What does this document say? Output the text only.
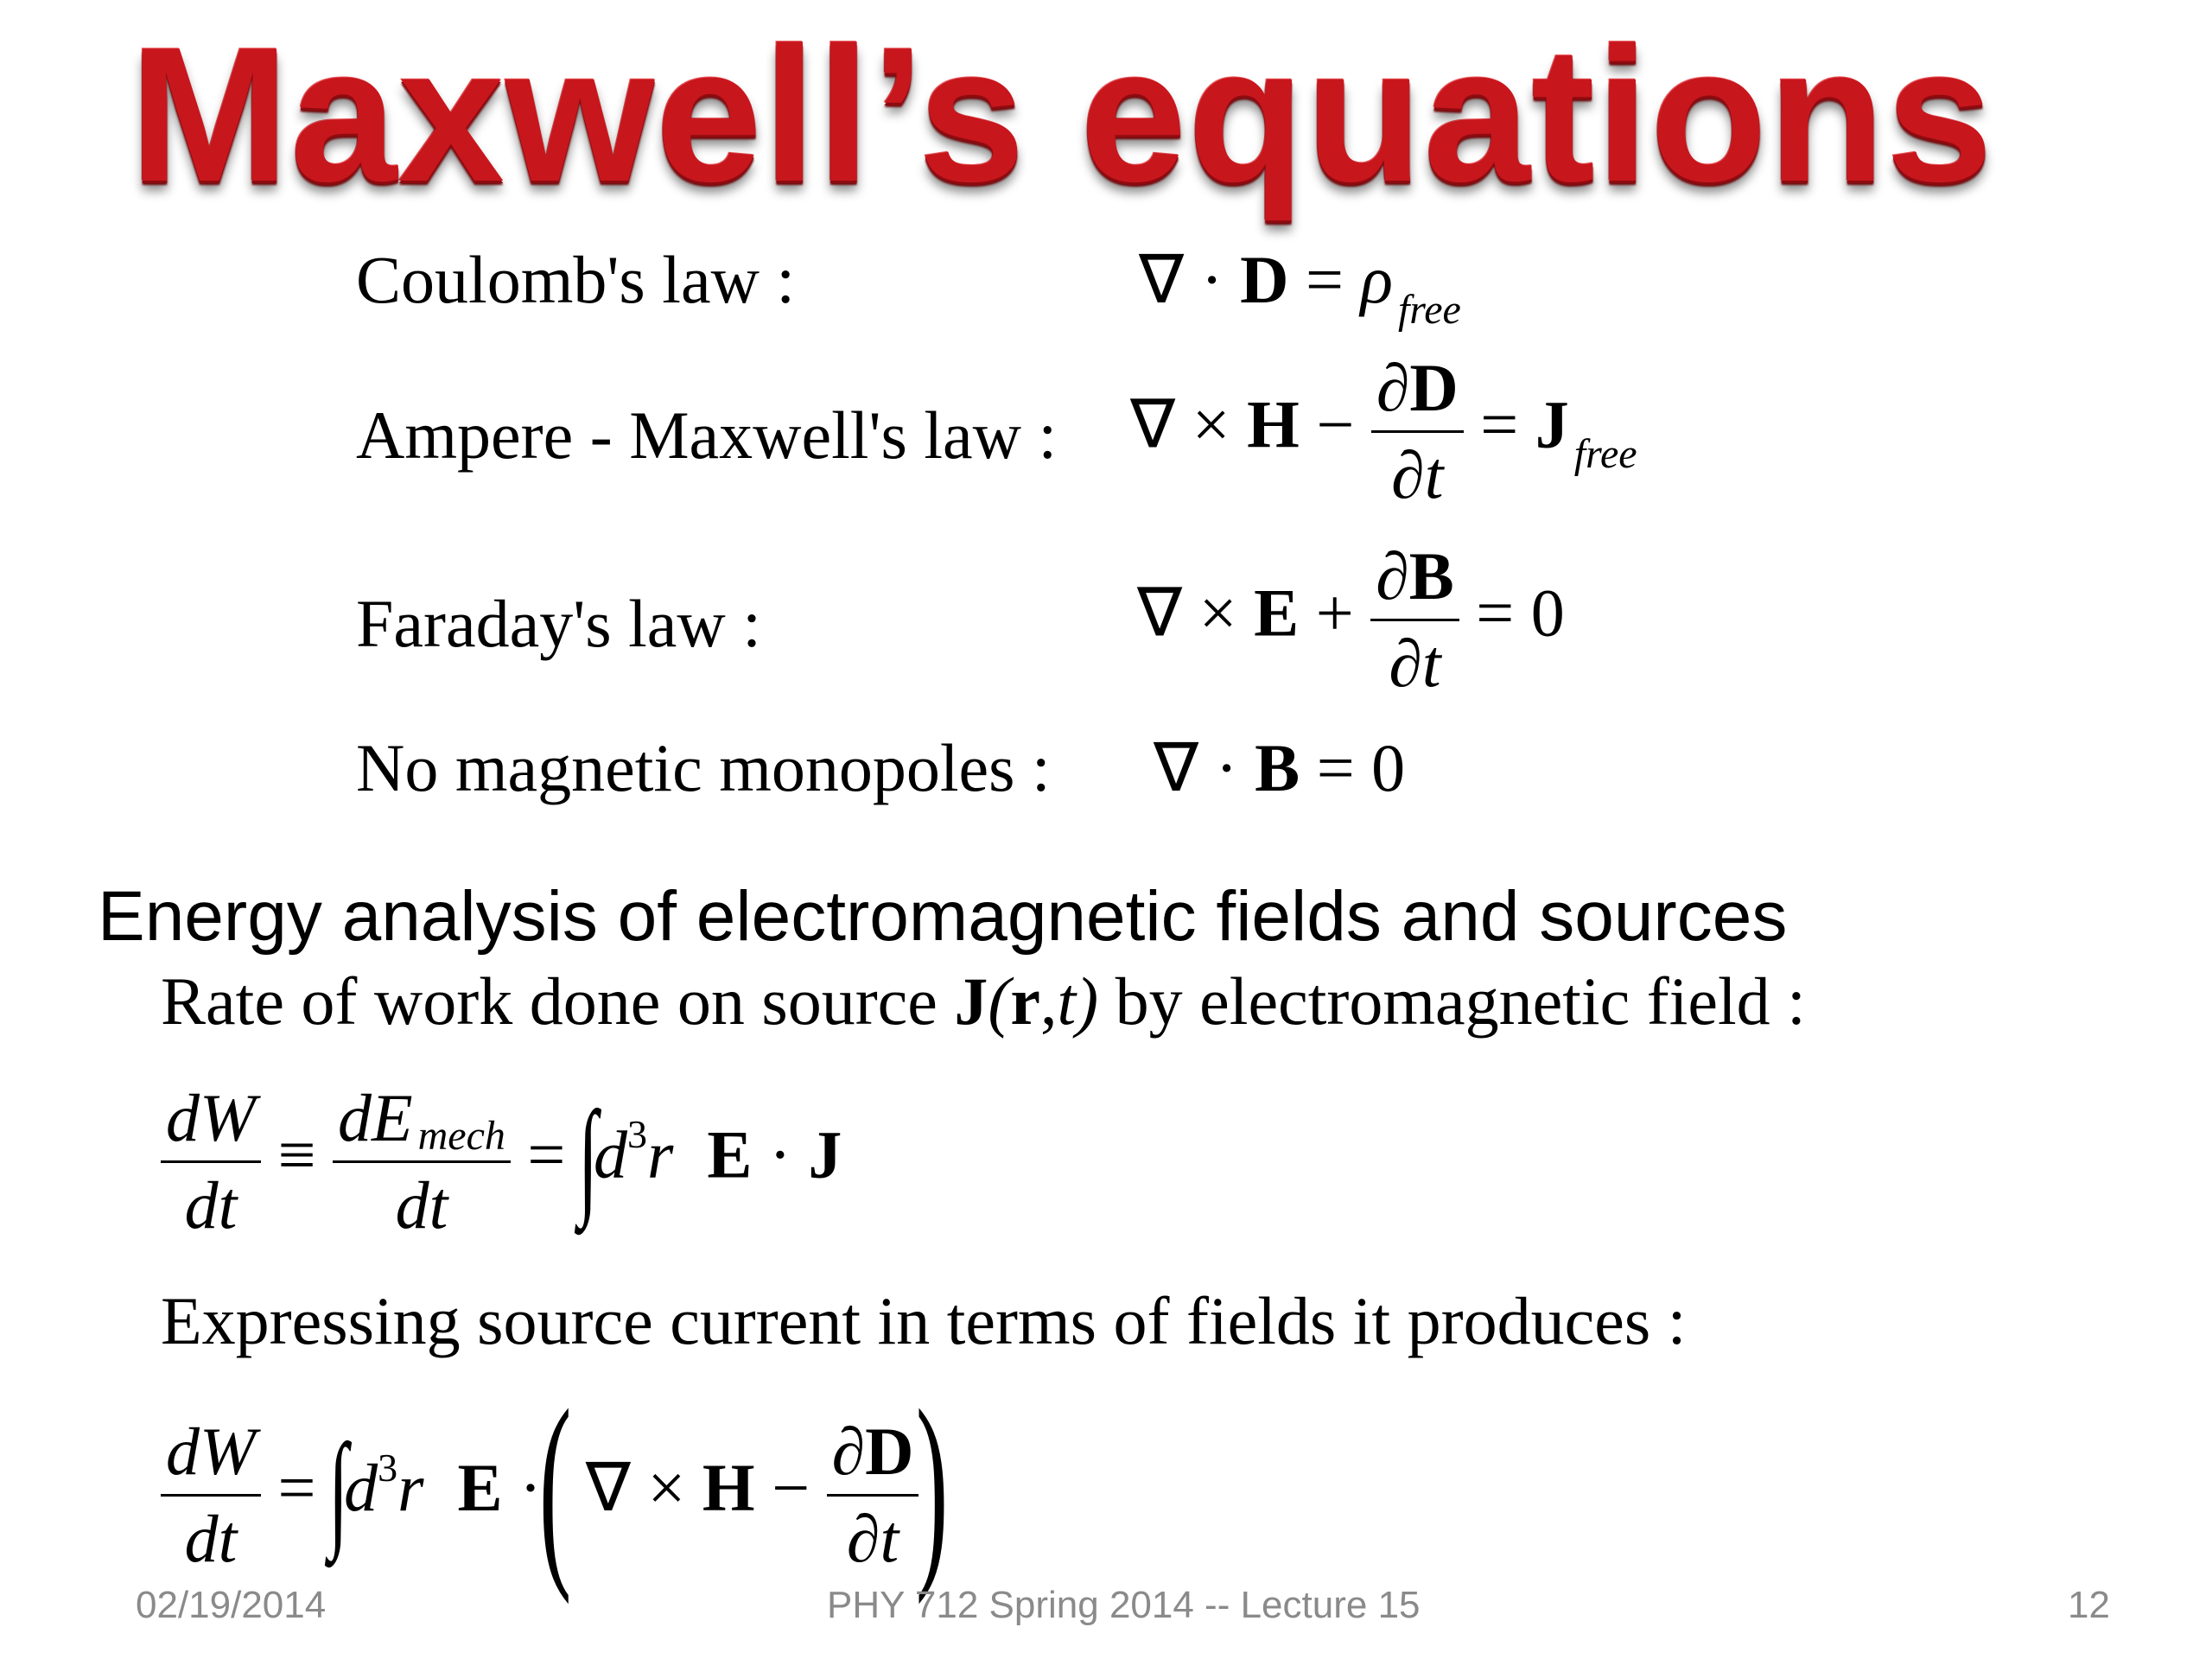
Maxwell’s equations
Coulomb's law :	∇ · D = ρ $_{free}$
Ampere - Maxwell's law : ∇ × $H - \frac{\partial D}{\partial t} = J$ $_{free}$
Faraday's law :	∇ × $E + \frac{\partial B}{\partial t} = 0$
No magnetic monopoles : ∇ · B = 0
Energy analysis of electromagnetic fields and sources
Rate of work done on source J(r,t) by electromagnetic field :
$\frac{dW}{dt} \equiv \frac{\text{dE mech}}{dt} = \int d^3r$ E · J
Expressing source current in terms of fields it produces :
$\frac{dW}{dt} = \int d^3r$ E ·( ∇ × $H - \frac{\partial D}{\partial t}$
)
02/19/2014	PHY 712 Spring 2014 -- Lecture 15	12
